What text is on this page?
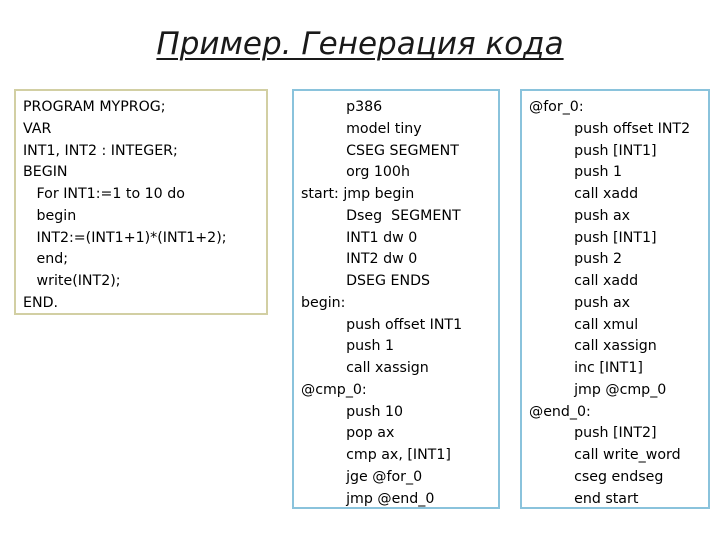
Пример. Генерация кода
PROGRAM MYPROG;
VAR
INT1, INT2 : INTEGER;
BEGIN
For INT1:=1 to 10 do
begin
INT2:=(INT1+1)*(INT1+2);
end;
write(INT2);
END.
p386
model tiny
CSEG SEGMENT
org 100h
start: jmp begin
Dseg  SEGMENT
INT1 dw 0
INT2 dw 0
DSEG ENDS
begin:
push offset INT1
push 1
call xassign
@cmp_0:
push 10
pop ax
cmp ax, [INT1]
jge @for_0
jmp @end_0
@for_0:
push offset INT2
push [INT1]
push 1
call xadd
push ax
push [INT1]
push 2
call xadd
push ax
call xmul
call xassign
inc [INT1]
jmp @cmp_0
@end_0:
push [INT2]
call write_word
cseg endseg
end start
